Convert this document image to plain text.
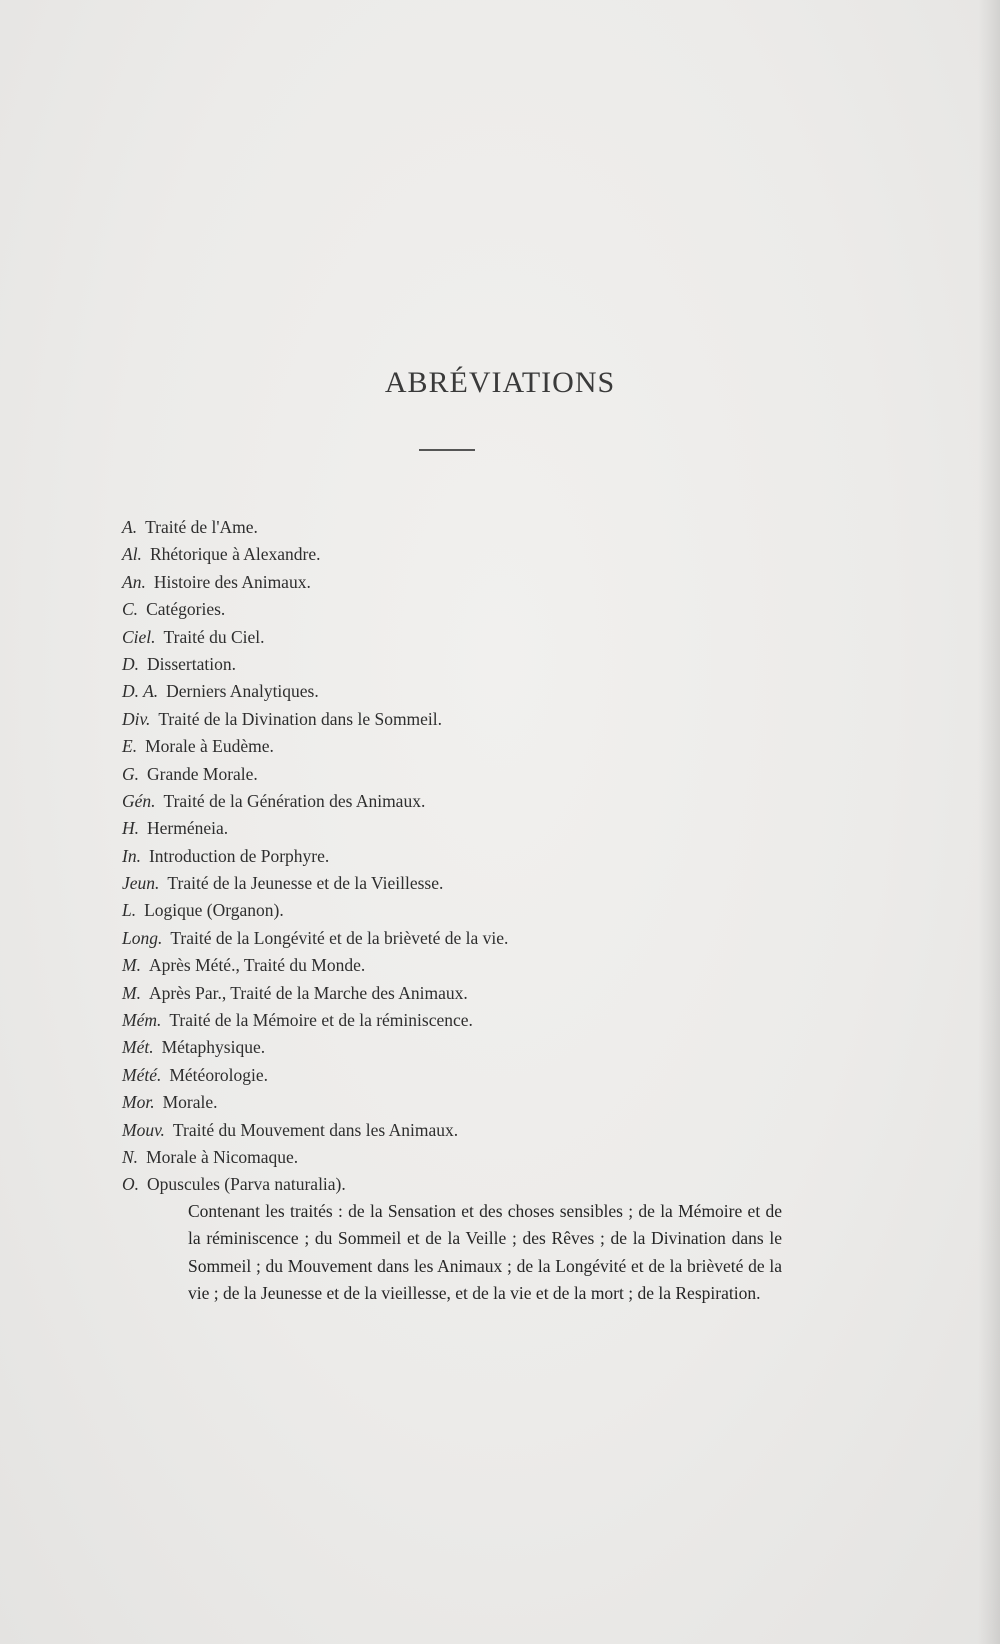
ABRÉVIATIONS
A. Traité de l'Ame.
Al. Rhétorique à Alexandre.
An. Histoire des Animaux.
C. Catégories.
Ciel. Traité du Ciel.
D. Dissertation.
D. A. Derniers Analytiques.
Div. Traité de la Divination dans le Sommeil.
E. Morale à Eudème.
G. Grande Morale.
Gén. Traité de la Génération des Animaux.
H. Herméneia.
In. Introduction de Porphyre.
Jeun. Traité de la Jeunesse et de la Vieillesse.
L. Logique (Organon).
Long. Traité de la Longévité et de la brièveté de la vie.
M. Après Mété., Traité du Monde.
M. Après Par., Traité de la Marche des Animaux.
Mém. Traité de la Mémoire et de la réminiscence.
Mét. Métaphysique.
Mété. Météorologie.
Mor. Morale.
Mouv. Traité du Mouvement dans les Animaux.
N. Morale à Nicomaque.
O. Opuscules (Parva naturalia).

Contenant les traités : de la Sensation et des choses sensibles ; de la Mémoire et de la réminiscence ; du Sommeil et de la Veille ; des Rêves ; de la Divination dans le Sommeil ; du Mouvement dans les Animaux ; de la Longévité et de la brièveté de la vie ; de la Jeunesse et de la vieillesse, et de la vie et de la mort ; de la Respiration.
